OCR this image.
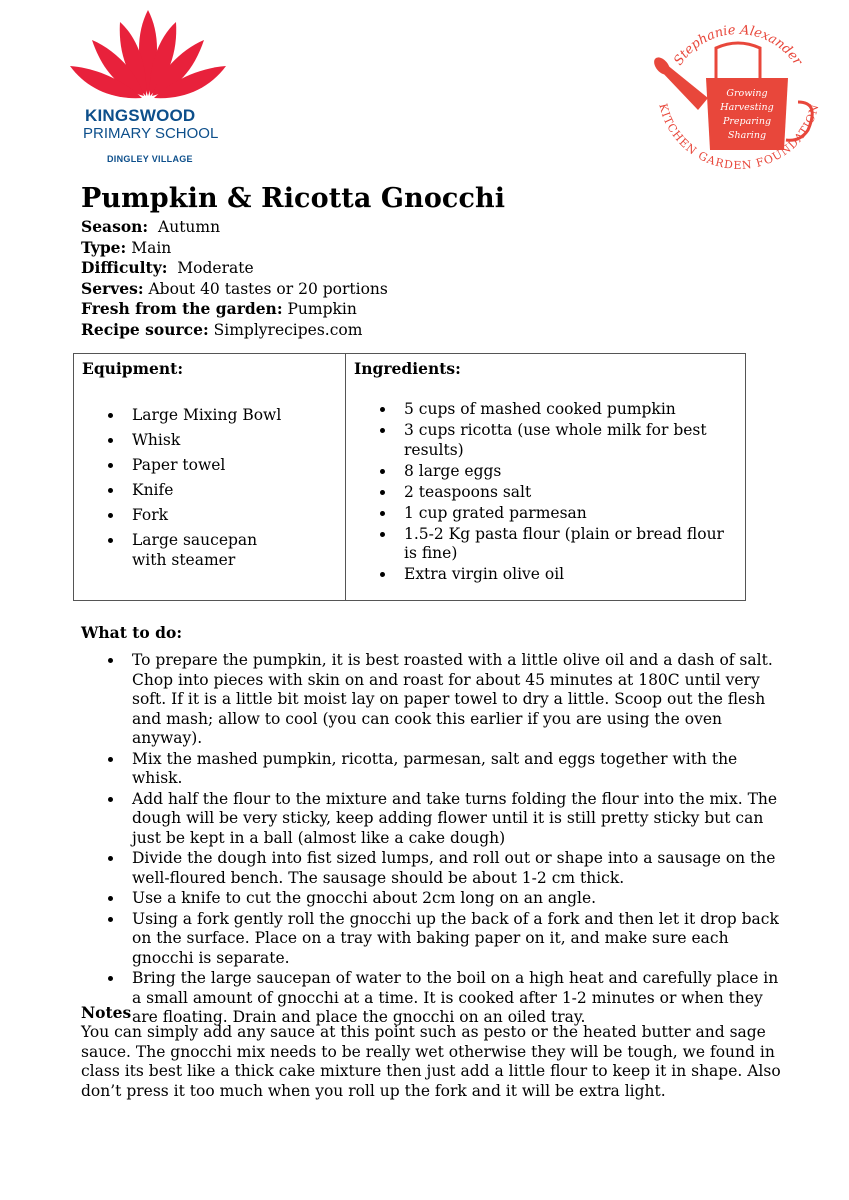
KINGSWOOD
PRIMARY SCHOOL
DINGLEY VILLAGE
Stephanie Alexander
Growing
Harvesting
Preparing
Sharing
KITCHEN GARDEN FOUNDATION
Pumpkin & Ricotta Gnocchi
Season: Autumn
Type: Main
Difficulty: Moderate
Serves: About 40 tastes or 20 portions
Fresh from the garden: Pumpkin
Recipe source: Simplyrecipes.com
Equipment:
Large Mixing Bowl
Whisk
Paper towel
Knife
Fork
Large saucepan with steamer
Ingredients:
5 cups of mashed cooked pumpkin
3 cups ricotta (use whole milk for best results)
8 large eggs
2 teaspoons salt
1 cup grated parmesan
1.5-2 Kg pasta flour (plain or bread flour is fine)
Extra virgin olive oil
What to do:
To prepare the pumpkin, it is best roasted with a little olive oil and a dash of salt. Chop into pieces with skin on and roast for about 45 minutes at 180C until very soft. If it is a little bit moist lay on paper towel to dry a little. Scoop out the flesh and mash; allow to cool (you can cook this earlier if you are using the oven anyway).
Mix the mashed pumpkin, ricotta, parmesan, salt and eggs together with the whisk.
Add half the flour to the mixture and take turns folding the flour into the mix. The dough will be very sticky, keep adding flower until it is still pretty sticky but can just be kept in a ball (almost like a cake dough)
Divide the dough into fist sized lumps, and roll out or shape into a sausage on the well-floured bench. The sausage should be about 1-2 cm thick.
Use a knife to cut the gnocchi about 2cm long on an angle.
Using a fork gently roll the gnocchi up the back of a fork and then let it drop back on the surface. Place on a tray with baking paper on it, and make sure each gnocchi is separate.
Bring the large saucepan of water to the boil on a high heat and carefully place in a small amount of gnocchi at a time. It is cooked after 1-2 minutes or when they are floating. Drain and place the gnocchi on an oiled tray.
Notes
You can simply add any sauce at this point such as pesto or the heated butter and sage sauce. The gnocchi mix needs to be really wet otherwise they will be tough, we found in class its best like a thick cake mixture then just add a little flour to keep it in shape. Also don’t press it too much when you roll up the fork and it will be extra light.
